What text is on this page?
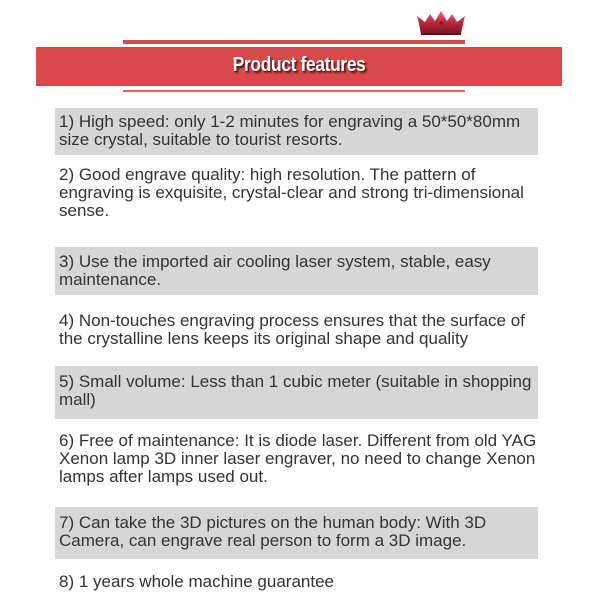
Product features
1) High speed: only 1-2 minutes for engraving a 50*50*80mm size crystal, suitable to tourist resorts.
2) Good engrave quality: high resolution. The pattern of engraving is exquisite, crystal-clear and strong tri-dimensional sense.
3) Use the imported air cooling laser system, stable, easy maintenance.
4) Non-touches engraving process ensures that the surface of the crystalline lens keeps its original shape and quality
5) Small volume: Less than 1 cubic meter (suitable in shopping mall)
6) Free of maintenance: It is diode laser. Different from old YAG Xenon lamp 3D inner laser engraver, no need to change Xenon lamps after lamps used out.
7) Can take the 3D pictures on the human body: With 3D Camera, can engrave real person to form a 3D image.
8) 1 years whole machine guarantee
